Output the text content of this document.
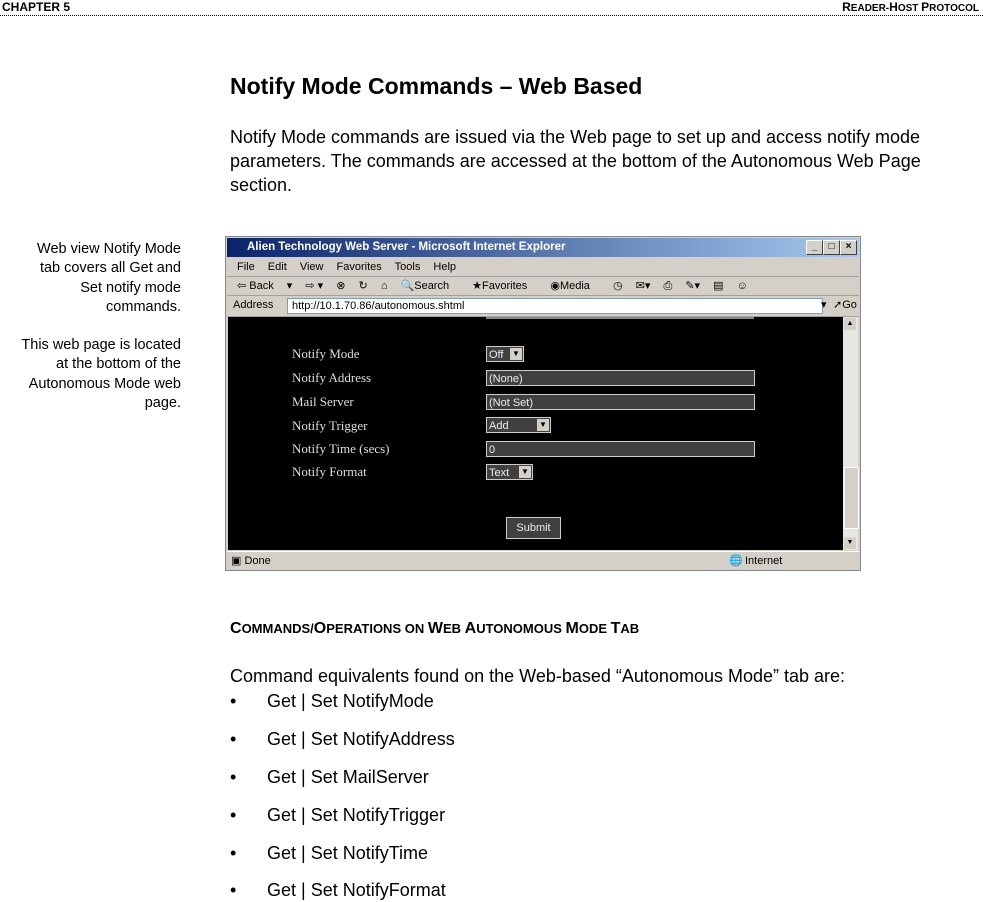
CHAPTER 5	READER-HOST PROTOCOL
Notify Mode Commands – Web Based
Notify Mode commands are issued via the Web page to set up and access notify mode parameters. The commands are accessed at the bottom of the Autonomous Web Page section.

Web view Notify Mode tab covers all Get and Set notify mode commands.

This web page is located at the bottom of the Autonomous Mode web page.

Alien Technology Web Server - Microsoft Internet Explorer	_	□	×
File Edit View Favorites Tools Help
⇦ Back ▾ ⇨ ▾ ⊗ ↻ ⌂ 🔍Search ★Favorites ◉Media ◷ ✉▾ ⎙ ✎▾ ▤ ☺
Address	http://10.1.70.86/autonomous.shtml	▾ ➚Go
Notify Mode	Off ▼
Notify Address	(None)
Mail Server	(Not Set)
Notify Trigger	Add	▼
Notify Time (secs)	0
Notify Format	Text ▼
Submit
▲
▼
▣ Done	🌐 Internet
COMMANDS/OPERATIONS ON WEB AUTONOMOUS MODE TAB
Command equivalents found on the Web-based “Autonomous Mode” tab are:
• Get | Set NotifyMode
• Get | Set NotifyAddress
• Get | Set MailServer
• Get | Set NotifyTrigger
• Get | Set NotifyTime
• Get | Set NotifyFormat
